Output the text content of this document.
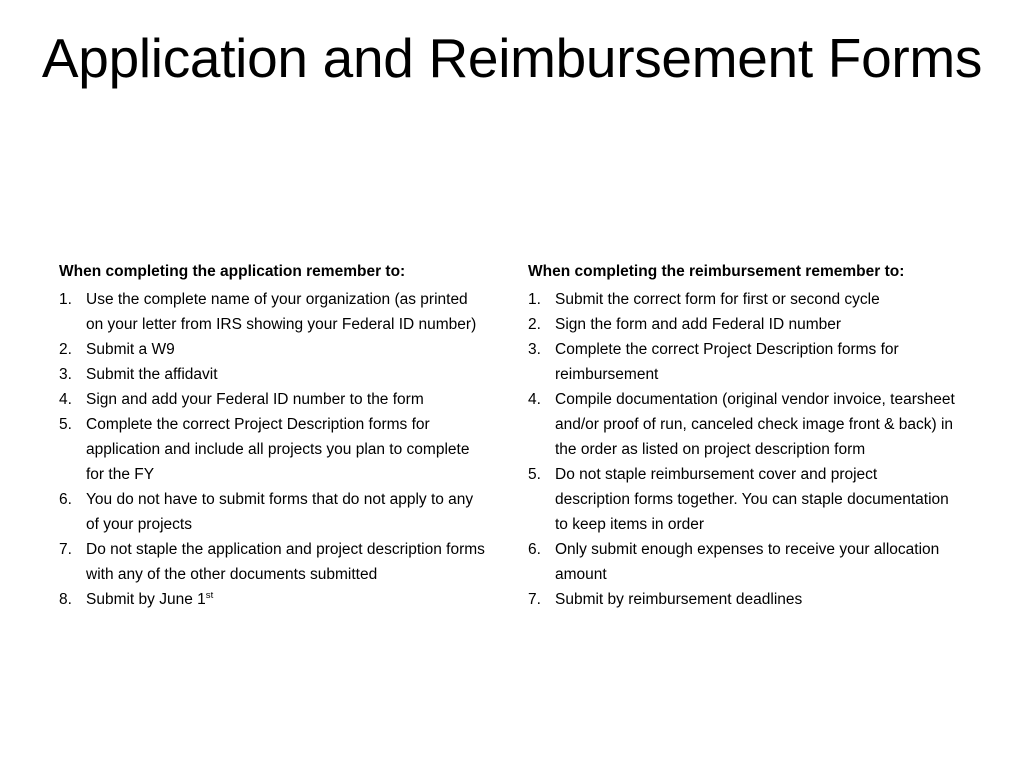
Application and Reimbursement Forms
When completing the application remember to:
1. Use the complete name of your organization (as printed on your letter from IRS showing your Federal ID number)
2. Submit a W9
3. Submit the affidavit
4. Sign and add your Federal ID number to the form
5. Complete the correct Project Description forms for application and include all projects you plan to complete for the FY
6. You do not have to submit forms that do not apply to any of your projects
7. Do not staple the application and project description forms with any of the other documents submitted
8. Submit by June 1st
When completing the reimbursement remember to:
1. Submit the correct form for first or second cycle
2. Sign the form and add Federal ID number
3. Complete the correct Project Description forms for reimbursement
4. Compile documentation (original vendor invoice, tearsheet and/or proof of run, canceled check image front & back) in the order as listed on project description form
5. Do not staple reimbursement cover and project description forms together. You can staple documentation to keep items in order
6. Only submit enough expenses to receive your allocation amount
7. Submit by reimbursement deadlines
